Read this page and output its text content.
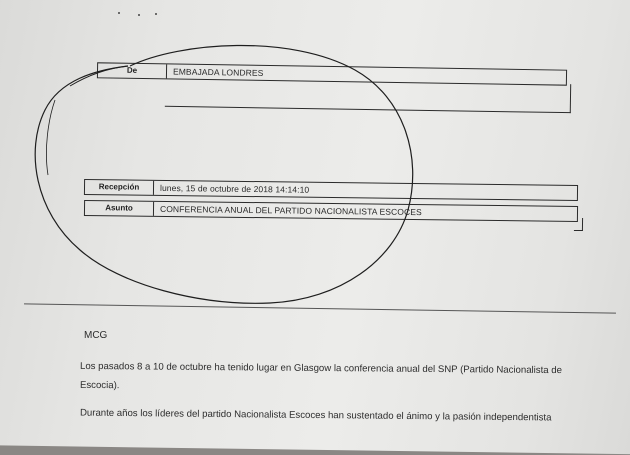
De	EMBAJADA LONDRES
Recepción	lunes, 15 de octubre de 2018 14:14:10
Asunto	CONFERENCIA ANUAL DEL PARTIDO NACIONALISTA ESCOCES
MCG
Los pasados 8 a 10 de octubre ha tenido lugar en Glasgow la conferencia anual del SNP (Partido Nacionalista de
Escocia).
Durante años los líderes del partido Nacionalista Escoces han sustentado el ánimo y la pasión independentista
